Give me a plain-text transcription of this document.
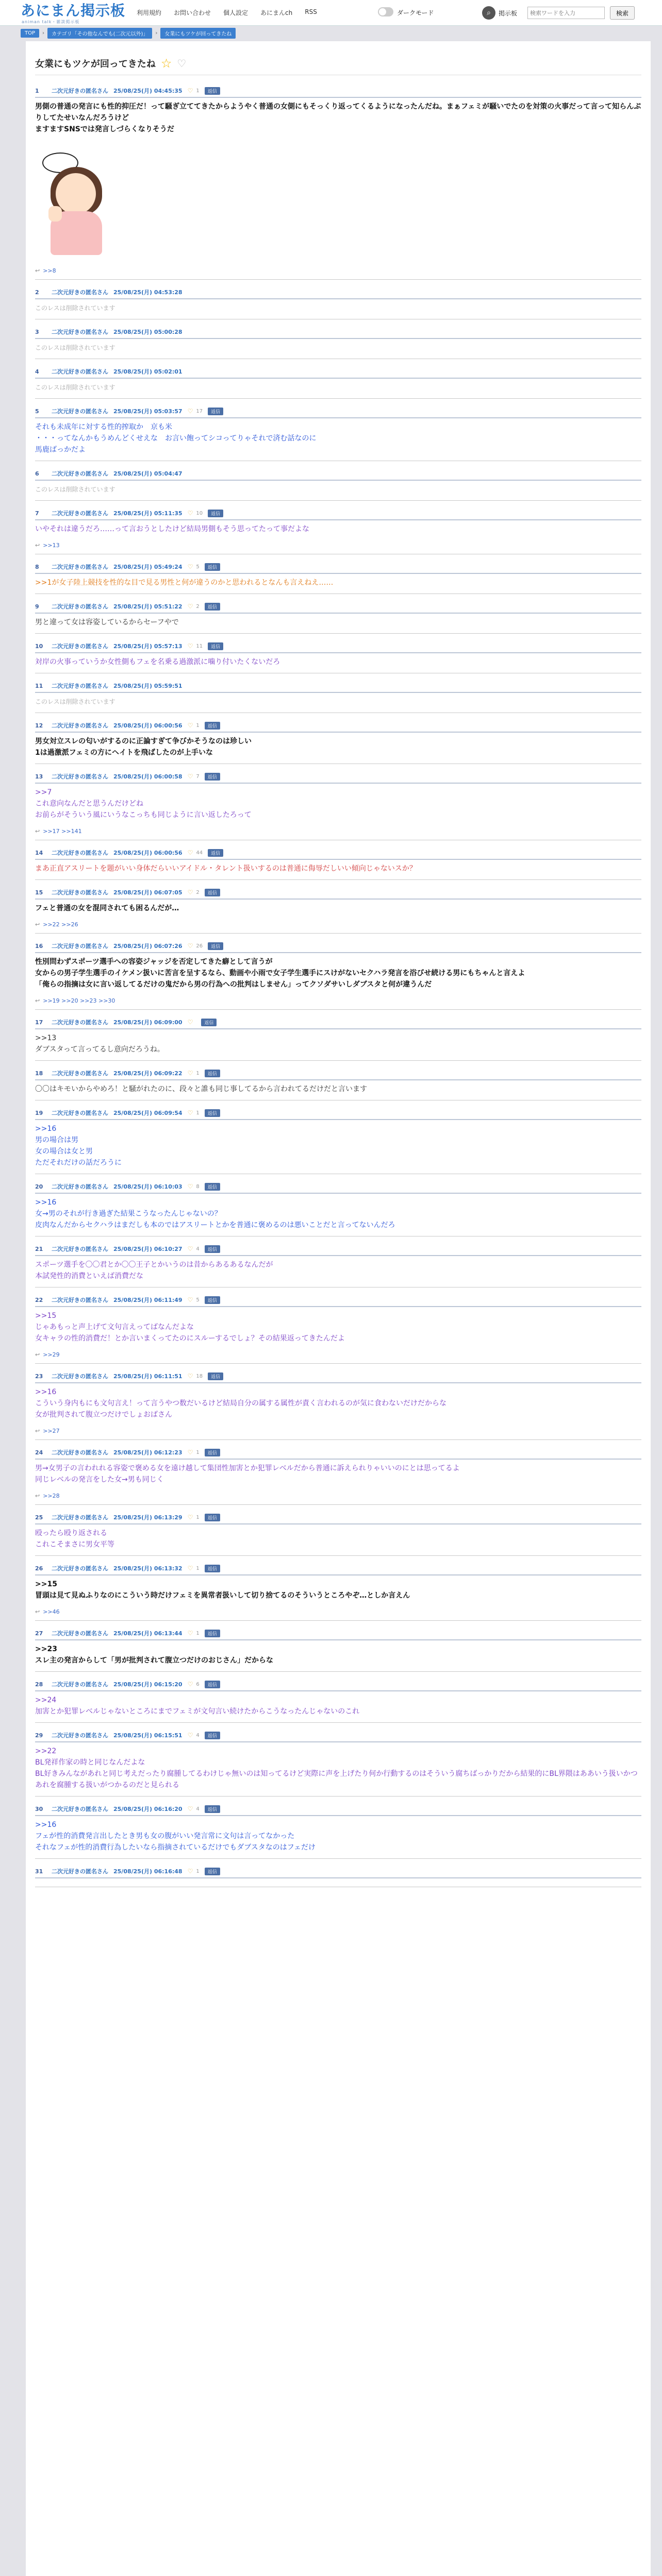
あにまん掲示板
animan talk・雑談掲示板
利用規約 お問い合わせ 個人設定 あにまんch RSS	ダークモード	⌕	掲示板
検索ワードを入力	検索
TOP	›	カテゴリ「その他なんでも(二次元以外)」	›	女業にもツケが回ってきたね
女業にもツケが回ってきたね ☆ ♡
1	二次元好きの匿名さん 25/08/25(月) 04:45:35 ♡ 1	返信
男側の普通の発言にも性的抑圧だ！って騒ぎ立ててきたからようやく普通の女側にもそっくり返ってくるようになったんだね。まぁフェミが騒いでたのを対策の火事だって言って知らんぷりしてたせいなんだろうけど
ますますSNSでは発言しづらくなりそうだ
↩ >>8
2	二次元好きの匿名さん 25/08/25(月) 04:53:28
このレスは削除されています
3	二次元好きの匿名さん 25/08/25(月) 05:00:28
このレスは削除されています
4	二次元好きの匿名さん 25/08/25(月) 05:02:01
このレスは削除されています
5	二次元好きの匿名さん 25/08/25(月) 05:03:57 ♡ 17	返信
それも未成年に対する性的搾取か　京も米
・・・ってなんかもうめんどくせえな　お言い飽ってシコってりゃそれで済む話なのに
馬鹿ばっかだよ
6	二次元好きの匿名さん 25/08/25(月) 05:04:47
このレスは削除されています
7	二次元好きの匿名さん 25/08/25(月) 05:11:35 ♡ 10	返信
いやそれは違うだろ……って言おうとしたけど結局男側もそう思ってたって事だよな
↩ >>13
8	二次元好きの匿名さん 25/08/25(月) 05:49:24 ♡ 5	返信
>>1が女子陸上競技を性的な目で見る男性と何が違うのかと思われるとなんも言えねえ……
9	二次元好きの匿名さん 25/08/25(月) 05:51:22 ♡ 2	返信
男と違って女は容姿しているからセーフやで
10	二次元好きの匿名さん 25/08/25(月) 05:57:13 ♡ 11	返信
対岸の火事っていうか女性側もフェを名乗る過激派に噛り付いたくないだろ
11	二次元好きの匿名さん 25/08/25(月) 05:59:51
このレスは削除されています
12	二次元好きの匿名さん 25/08/25(月) 06:00:56 ♡ 1	返信
男女対立スレの匂いがするのに正論すぎて争びかそうなのは珍しい
1は過激派フェミの方にヘイトを飛ばしたのが上手いな
13	二次元好きの匿名さん 25/08/25(月) 06:00:58 ♡ 7	返信
>>7
これ意向なんだと思うんだけどね
お前らがそういう風にいうなこっちも同じように言い返したろって
↩ >>17 >>141
14	二次元好きの匿名さん 25/08/25(月) 06:00:56 ♡ 44	返信
まあ正直アスリートを題がいい身体だらいいアイドル・タレント扱いするのは普通に侮辱だしいい傾向じゃないスか？
15	二次元好きの匿名さん 25/08/25(月) 06:07:05 ♡ 2	返信
フェと普通の女を混同されても困るんだが…
↩ >>22 >>26
16	二次元好きの匿名さん 25/08/25(月) 06:07:26 ♡ 26	返信
性別問わずスポーツ選手への容姿ジャッジを否定してきた癖として言うが
女からの男子学生選手のイケメン扱いに苦言を呈するなら、動画や小雨で女子学生選手にスけがないセクハラ発言を浴びせ続ける男にもちゃんと言えよ
「俺らの指摘は女に言い返してるだけの鬼だから男の行為への批判はしません」ってクソダサいしダブスタと何が違うんだ
↩ >>19 >>20 >>23 >>30
17	二次元好きの匿名さん 25/08/25(月) 06:09:00 ♡	返信
>>13
ダブスタって言ってるし意向だろうね。
18	二次元好きの匿名さん 25/08/25(月) 06:09:22 ♡ 1	返信
〇〇はキモいからやめろ！と騒がれたのに、段々と誰も同じ事してるから言われてるだけだと言います
19	二次元好きの匿名さん 25/08/25(月) 06:09:54 ♡ 1	返信
>>16
男の場合は男
女の場合は女と男
ただそれだけの話だろうに
20	二次元好きの匿名さん 25/08/25(月) 06:10:03 ♡ 8	返信
>>16
女→男のそれが行き過ぎた結果こうなったんじゃないの？
皮肉なんだからセクハラはまだしも本のではアスリートとかを普通に褒めるのは悪いことだと言ってないんだろ
21	二次元好きの匿名さん 25/08/25(月) 06:10:27 ♡ 4	返信
スポーツ選手を〇〇君とか〇〇王子とかいうのは昔からあるあるなんだが
本試発性的消費といえば消費だな
22	二次元好きの匿名さん 25/08/25(月) 06:11:49 ♡ 5	返信
>>15
じゃあもっと声上げて文句言えってばなんだよな
女キャラの性的消費だ！とか言いまくってたのにスルーするでしょ？その結果返ってきたんだよ
↩ >>29
23	二次元好きの匿名さん 25/08/25(月) 06:11:51 ♡ 18	返信
>>16
こういう身内もにも文句言え！って言うやつ数だいるけど結局自分の属する属性が責く言われるのが気に食わないだけだからな
女が批判されて腹立つだけでしょおばさん
↩ >>27
24	二次元好きの匿名さん 25/08/25(月) 06:12:23 ♡ 1	返信
男→女男子の言われれる容姿で褒める女を遠け越して集団性加害とか犯罪レベルだから普通に訴えられりゃいいのにとは思ってるよ
同じレベルの発言をした女→男も同じく
↩ >>28
25	二次元好きの匿名さん 25/08/25(月) 06:13:29 ♡ 1	返信
殴ったら殴り返される
これこそまさに男女平等
26	二次元好きの匿名さん 25/08/25(月) 06:13:32 ♡ 1	返信
>>15
冒頭は見て見ぬふりなのにこういう時だけフェミを異常者扱いして切り捨てるのそういうところやぞ…としか言えん
↩ >>46
27	二次元好きの匿名さん 25/08/25(月) 06:13:44 ♡ 1	返信
>>23
スレ主の発言からして「男が批判されて腹立つだけのおじさん」だからな
28	二次元好きの匿名さん 25/08/25(月) 06:15:20 ♡ 6	返信
>>24
加害とか犯罪レベルじゃないところにまでフェミが文句言い続けたからこうなったんじゃないのこれ
29	二次元好きの匿名さん 25/08/25(月) 06:15:51 ♡ 4	返信
>>22
BL発祥作家の時と同じなんだよな
BL好きみんながあれと同じ考えだったり腐腫してるわけじゃ無いのは知ってるけど実際に声を上げたり何か行動するのはそういう腐ちばっかりだから結果的にBL界隈はああいう扱いかつあれを腐腫する扱いがつかるのだと見られる
30	二次元好きの匿名さん 25/08/25(月) 06:16:20 ♡ 4	返信
>>16
フェが性的消費発言出したとき男も女の腹がいい発言常に文句は言ってなかった
それなフェが性的消費行為したいなら指摘されているだけでもダブスタなのはフェだけ
31	二次元好きの匿名さん 25/08/25(月) 06:16:48 ♡ 1	返信
